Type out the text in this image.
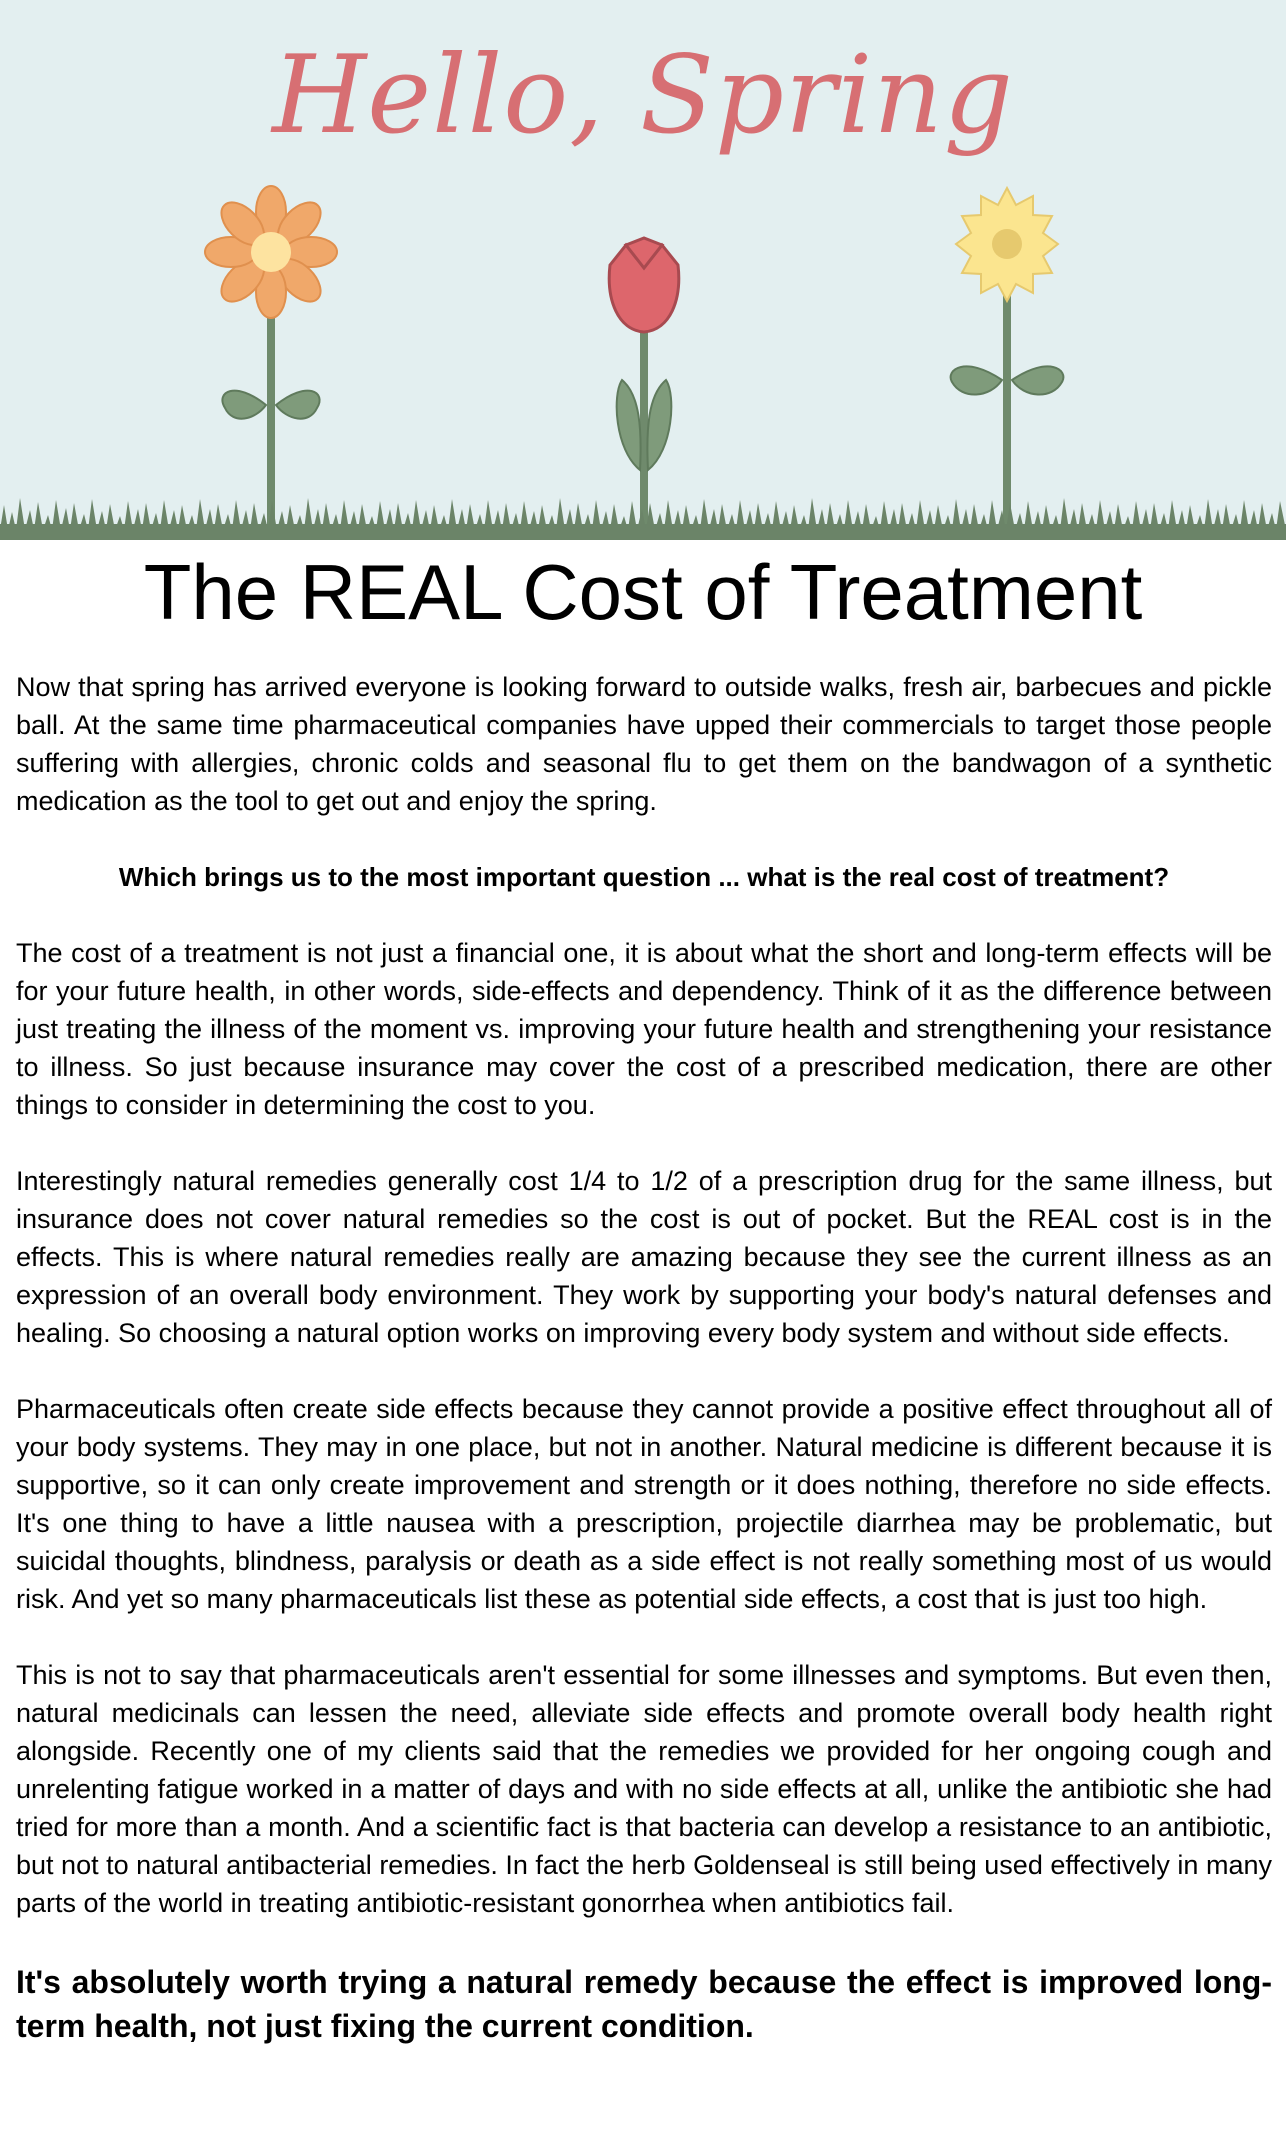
Hello, Spring
The REAL Cost of Treatment

Now that spring has arrived everyone is looking forward to outside walks, fresh air, barbecues and pickle ball. At the same time pharmaceutical companies have upped their commercials to target those people suffering with allergies, chronic colds and seasonal flu to get them on the bandwagon of a synthetic medication as the tool to get out and enjoy the spring.

Which brings us to the most important question ... what is the real cost of treatment?

The cost of a treatment is not just a financial one, it is about what the short and long-term effects will be for your future health, in other words, side-effects and dependency. Think of it as the difference between just treating the illness of the moment vs. improving your future health and strengthening your resistance to illness. So just because insurance may cover the cost of a prescribed medication, there are other things to consider in determining the cost to you.

Interestingly natural remedies generally cost 1/4 to 1/2 of a prescription drug for the same illness, but insurance does not cover natural remedies so the cost is out of pocket. But the REAL cost is in the effects. This is where natural remedies really are amazing because they see the current illness as an expression of an overall body environment. They work by supporting your body's natural defenses and healing. So choosing a natural option works on improving every body system and without side effects.

Pharmaceuticals often create side effects because they cannot provide a positive effect throughout all of your body systems. They may in one place, but not in another. Natural medicine is different because it is supportive, so it can only create improvement and strength or it does nothing, therefore no side effects. It's one thing to have a little nausea with a prescription, projectile diarrhea may be problematic, but suicidal thoughts, blindness, paralysis or death as a side effect is not really something most of us would risk. And yet so many pharmaceuticals list these as potential side effects, a cost that is just too high.

This is not to say that pharmaceuticals aren't essential for some illnesses and symptoms. But even then, natural medicinals can lessen the need, alleviate side effects and promote overall body health right alongside. Recently one of my clients said that the remedies we provided for her ongoing cough and unrelenting fatigue worked in a matter of days and with no side effects at all, unlike the antibiotic she had tried for more than a month. And a scientific fact is that bacteria can develop a resistance to an antibiotic, but not to natural antibacterial remedies. In fact the herb Goldenseal is still being used effectively in many parts of the world in treating antibiotic-resistant gonorrhea when antibiotics fail.

It's absolutely worth trying a natural remedy because the effect is improved long-term health, not just fixing the current condition.
